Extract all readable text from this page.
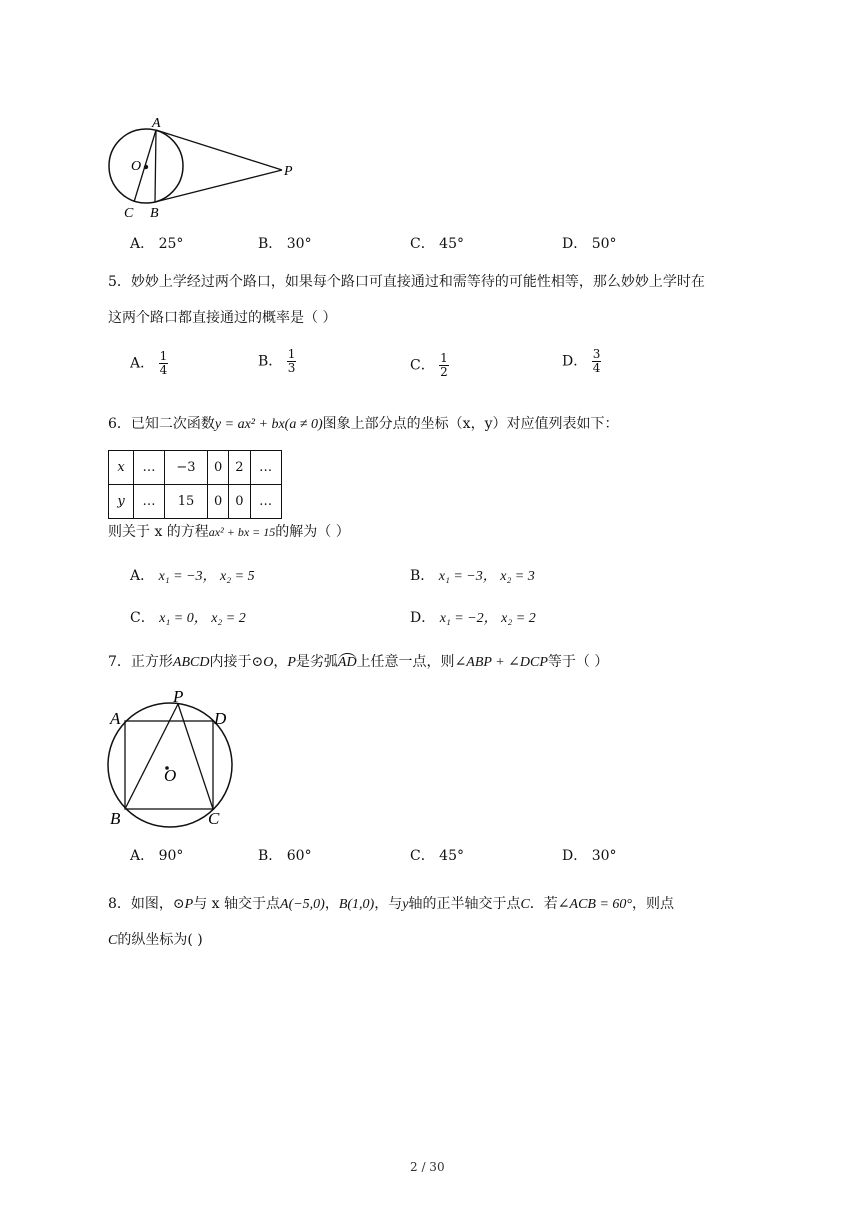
A
O	P
C B
A． 25°	B． 30°	C． 45°	D． 50°
5．妙妙上学经过两个路口，如果每个路口可直接通过和需等待的可能性相等，那么妙妙上学时在
这两个路口都直接通过的概率是（ ）
A． $\frac{1}{4}$	B． $\frac{1}{3}$	C． $\frac{1}{2}$	D． $\frac{3}{4}$
6．已知二次函数y = ax² + bx(a ≠ 0)图象上部分点的坐标（x，y）对应值列表如下：
x	…	−3	0	2	…
y	…	15	0	0	…
则关于 x 的方程ax² + bx = 15的解为（ ）
A． x₁ = −3， x₂ = 5	B． x₁ = −3， x₂ = 3
C． x₁ = 0， x₂ = 2	D． x₁ = −2， x₂ = 2
7．正方形ABCD内接于⊙O，P是劣弧AD上任意一点，则∠ABP + ∠DCP等于（ ）
P
A	D
O
B	C
A． 90°	B． 60°	C． 45°	D． 30°
8．如图，⊙P与 x 轴交于点A(−5,0)，B(1,0)，与y轴的正半轴交于点C．若∠ACB = 60°，则点
C的纵坐标为( )
2 / 30
